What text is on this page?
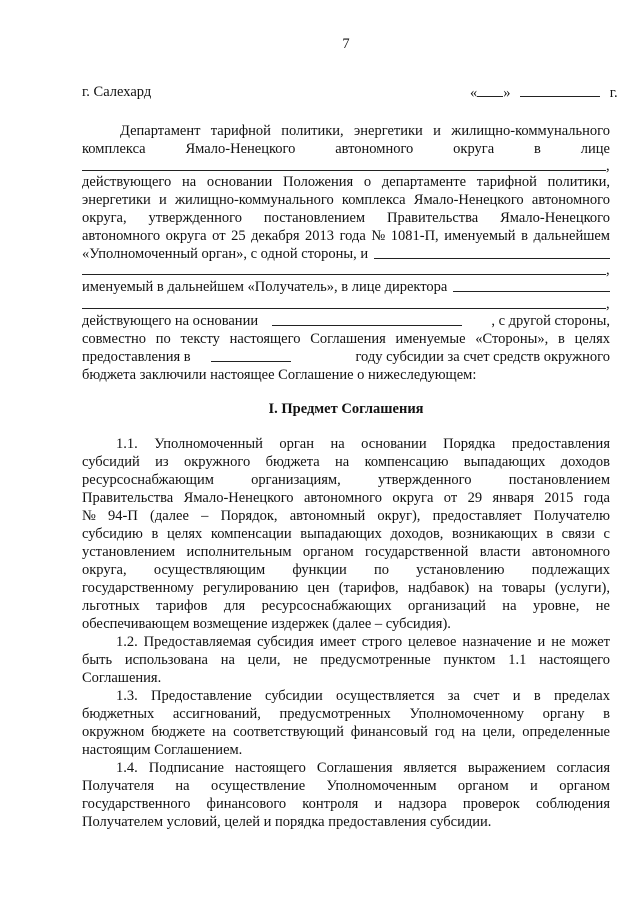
7
г. Салехард	« »	г.
Департамент тарифной политики, энергетики и жилищно-коммунального
комплекса	Ямало-Ненецкого	автономного	округа	в	лице
,
действующего на основании Положения о департаменте тарифной политики,
энергетики и жилищно-коммунального комплекса Ямало-Ненецкого автономного
округа, утвержденного постановлением Правительства Ямало-Ненецкого
автономного округа от 25 декабря 2013 года № 1081-П, именуемый в дальнейшем
«Уполномоченный орган», с одной стороны, и
,
именуемый в дальнейшем «Получатель», в лице директора
,
действующего на основании	, с другой стороны,
совместно по тексту настоящего Соглашения именуемые «Стороны», в целях
предоставления в	году субсидии за счет средств окружного
бюджета заключили настоящее Соглашение о нижеследующем:
I. Предмет Соглашения
1.1. Уполномоченный орган на основании Порядка предоставления
субсидий из окружного бюджета на компенсацию выпадающих доходов
ресурсоснабжающим организациям, утвержденного постановлением
Правительства Ямало-Ненецкого автономного округа от 29 января 2015 года
№ 94-П (далее – Порядок, автономный округ), предоставляет Получателю
субсидию в целях компенсации выпадающих доходов, возникающих в связи с
установлением исполнительным органом государственной власти автономного
округа, осуществляющим функции по установлению подлежащих
государственному регулированию цен (тарифов, надбавок) на товары (услуги),
льготных тарифов для ресурсоснабжающих организаций на уровне, не
обеспечивающем возмещение издержек (далее – субсидия).
1.2. Предоставляемая субсидия имеет строго целевое назначение и не может
быть использована на цели, не предусмотренные пунктом 1.1 настоящего
Соглашения.
1.3. Предоставление субсидии осуществляется за счет и в пределах
бюджетных ассигнований, предусмотренных Уполномоченному органу в
окружном бюджете на соответствующий финансовый год на цели, определенные
настоящим Соглашением.
1.4. Подписание настоящего Соглашения является выражением согласия
Получателя на осуществление Уполномоченным органом и органом
государственного финансового контроля и надзора проверок соблюдения
Получателем условий, целей и порядка предоставления субсидии.
